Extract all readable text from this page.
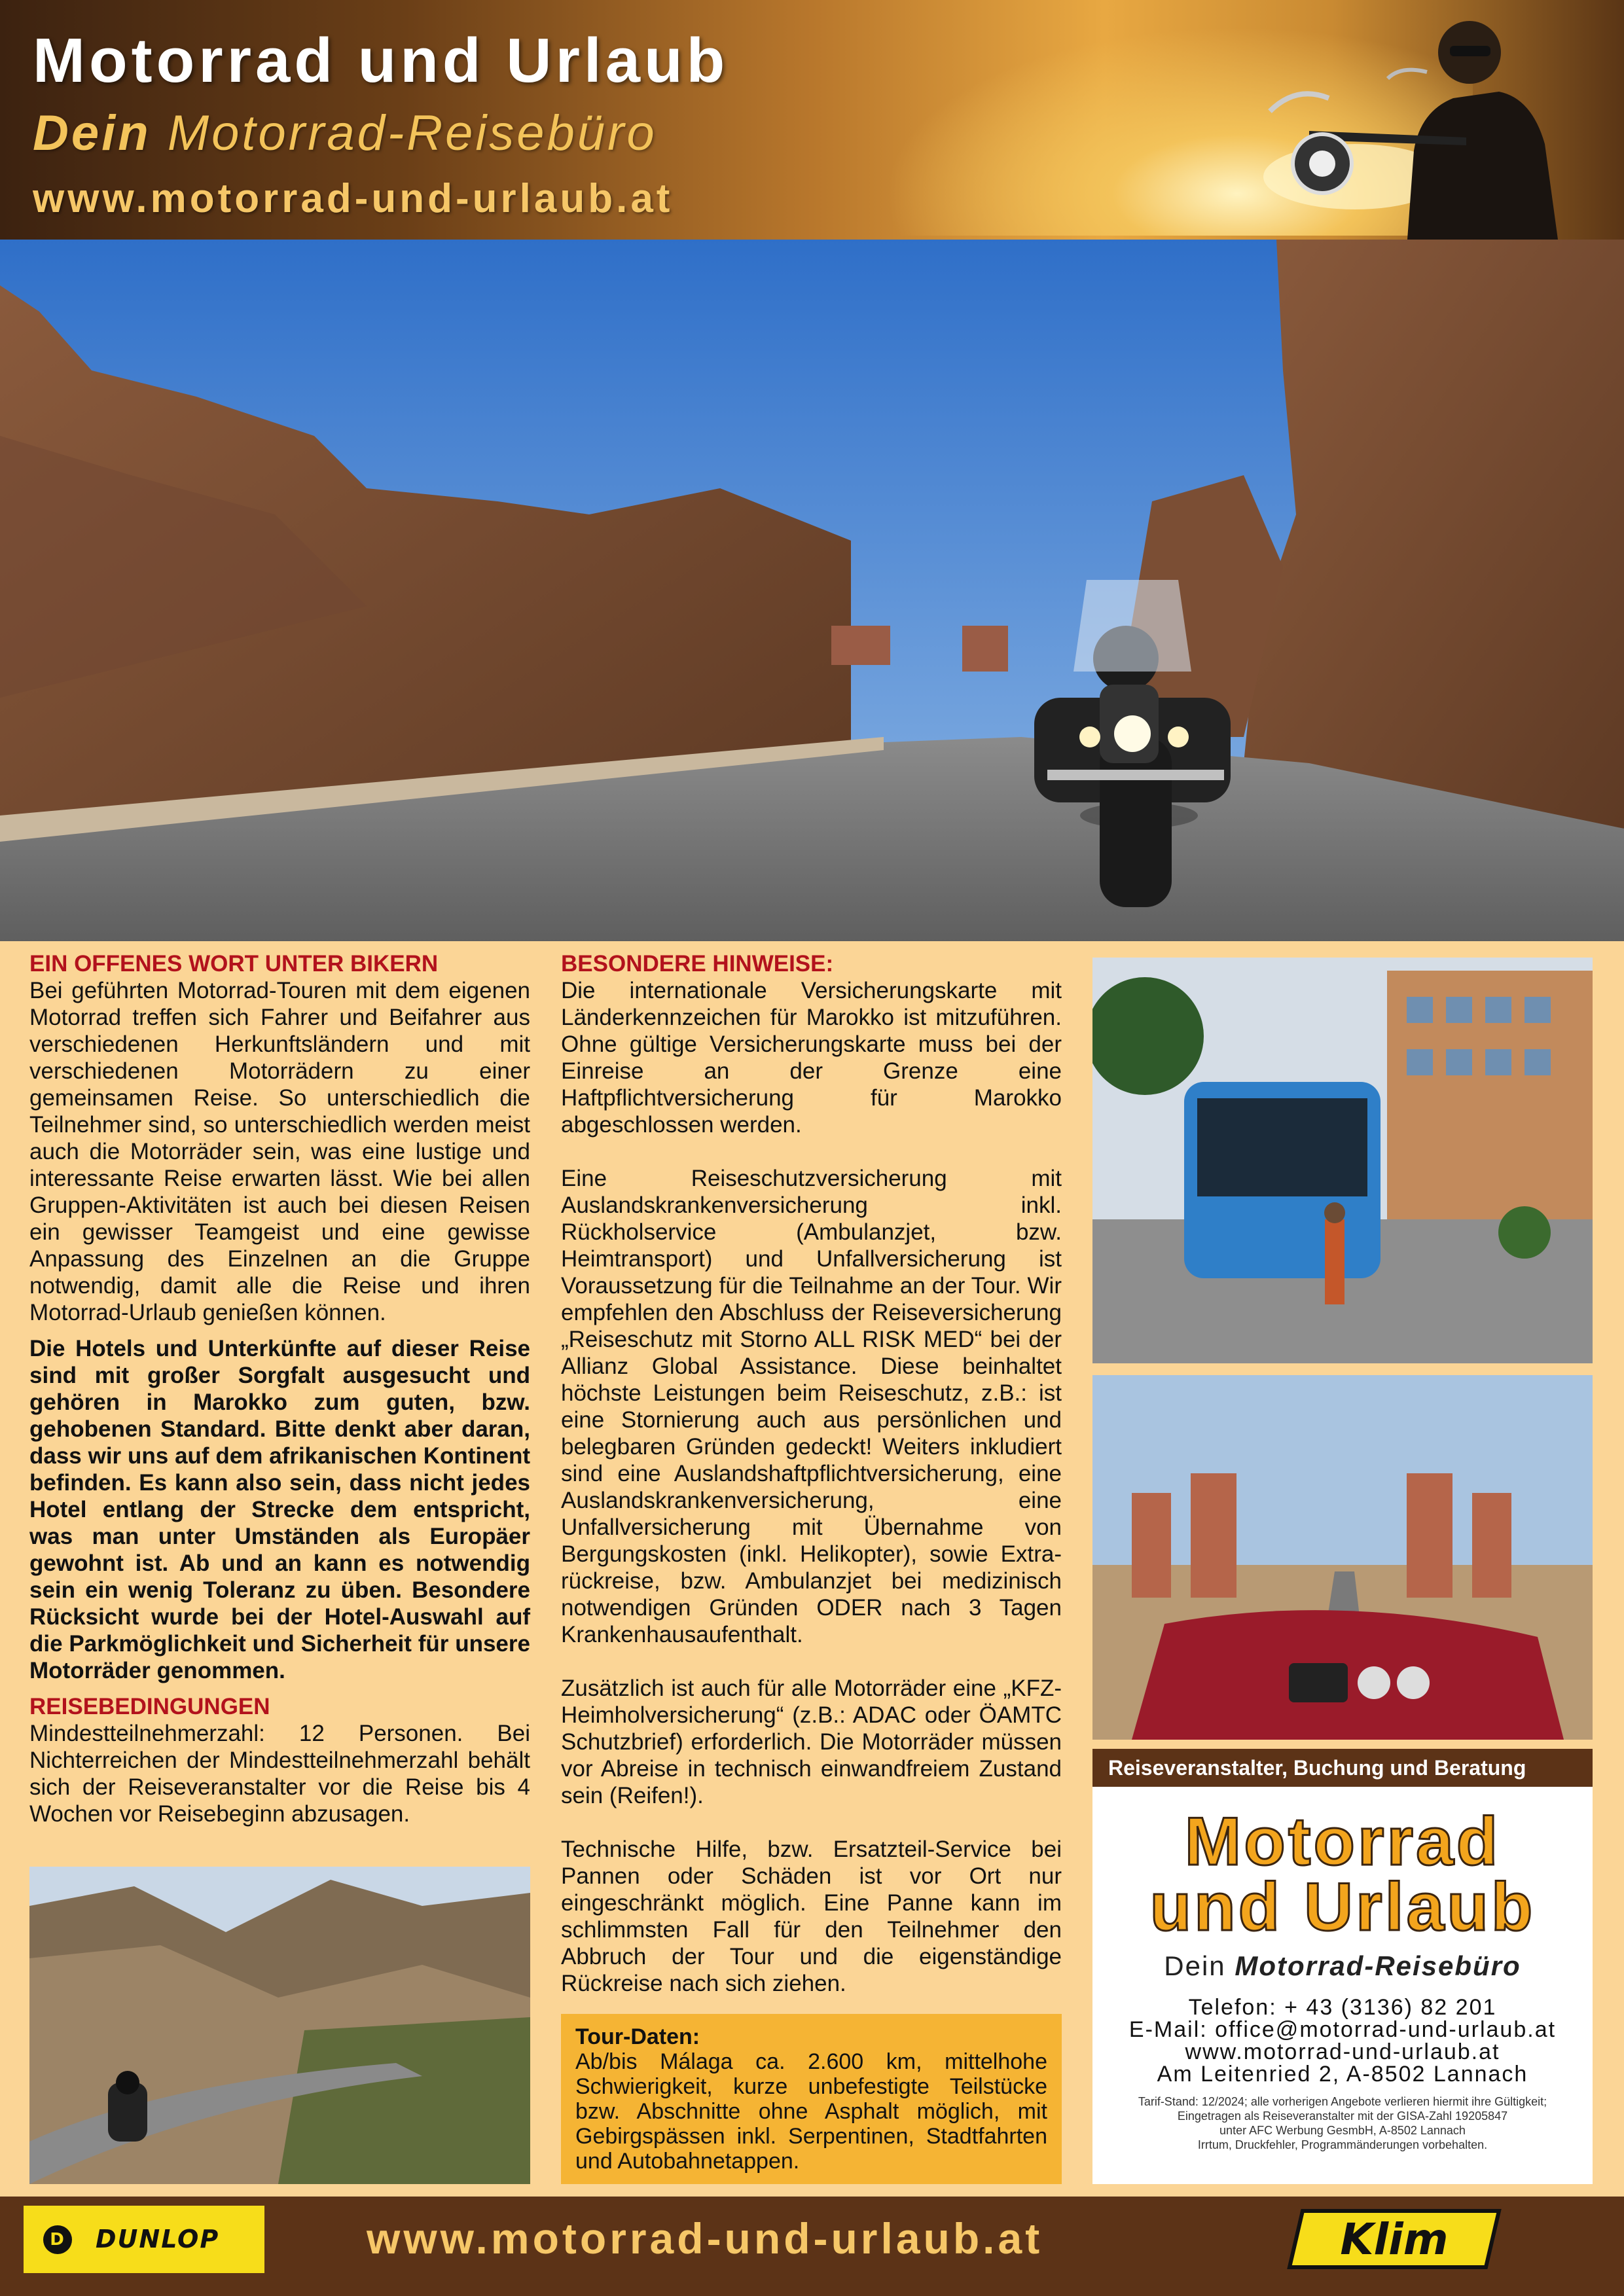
Motorrad und Urlaub
Dein Motorrad-Reisebüro
www.motorrad-und-urlaub.at
EIN OFFENES WORT UNTER BIKERN

Bei geführten Motorrad-Touren mit dem eigenen Motorrad treffen sich Fahrer und Beifahrer aus verschiedenen Herkunftsländern und mit verschiedenen Motorrädern zu einer gemeinsamen Reise. So unterschiedlich die Teilnehmer sind, so unterschiedlich werden meist auch die Motorräder sein, was eine lustige und interessante Reise erwarten lässt. Wie bei allen Gruppen-Aktivitäten ist auch bei diesen Reisen ein gewisser Teamgeist und eine gewisse Anpassung des Einzelnen an die Gruppe notwendig, damit alle die Reise und ihren Motorrad-Urlaub genießen können.

Die Hotels und Unterkünfte auf dieser Reise sind mit großer Sorgfalt ausgesucht und gehören in Marokko zum guten, bzw. gehobenen Standard. Bitte denkt aber daran, dass wir uns auf dem afrikanischen Kontinent befinden. Es kann also sein, dass nicht jedes Hotel entlang der Strecke dem entspricht, was man unter Umständen als Europäer gewohnt ist. Ab und an kann es notwendig sein ein wenig Toleranz zu üben. Besondere Rücksicht wurde bei der Hotel-Auswahl auf die Parkmöglichkeit und Sicherheit für unsere Motorräder genommen.

REISEBEDINGUNGEN

Mindestteilnehmerzahl: 12 Personen. Bei Nichterreichen der Mindestteilnehmerzahl behält sich der Reiseveranstalter vor die Reise bis 4 Wochen vor Reisebeginn abzusagen.

BESONDERE HINWEISE:

Die internationale Versicherungskarte mit Länderkennzeichen für Marokko ist mitzuführen. Ohne gültige Versicherungskarte muss bei der Einreise an der Grenze eine Haftpflichtversicherung für Marokko abgeschlossen werden.

Eine Reiseschutzversicherung mit Auslandskrankenversicherung inkl. Rückholservice (Ambulanzjet, bzw. Heimtransport) und Unfallversicherung ist Voraussetzung für die Teilnahme an der Tour. Wir empfehlen den Abschluss der Reiseversicherung „Reiseschutz mit Storno ALL RISK MED“ bei der Allianz Global Assistance. Diese beinhaltet höchste Leistungen beim Reiseschutz, z.B.: ist eine Stornierung auch aus persönlichen und belegbaren Gründen gedeckt! Weiters inkludiert sind eine Auslandshaftpflichtversicherung, eine Auslandskrankenversicherung, eine Unfallversicherung mit Übernahme von Bergungskosten (inkl. Helikopter), sowie Extra-rückreise, bzw. Ambulanzjet bei medizinisch notwendigen Gründen ODER nach 3 Tagen Krankenhausaufenthalt.

Zusätzlich ist auch für alle Motorräder eine „KFZ-Heimholversicherung“ (z.B.: ADAC oder ÖAMTC Schutzbrief) erforderlich. Die Motorräder müssen vor Abreise in technisch einwandfreiem Zustand sein (Reifen!).

Technische Hilfe, bzw. Ersatzteil-Service bei Pannen oder Schäden ist vor Ort nur eingeschränkt möglich. Eine Panne kann im schlimmsten Fall für den Teilnehmer den Abbruch der Tour und die eigenständige Rückreise nach sich ziehen.

Tour-Daten:
Ab/bis Málaga ca. 2.600 km, mittelhohe Schwierigkeit, kurze unbefestigte Teilstücke bzw. Abschnitte ohne Asphalt möglich, mit Gebirgspässen inkl. Serpentinen, Stadtfahrten und Autobahnetappen.
Reiseveranstalter, Buchung und Beratung
Motorrad
und Urlaub
Dein Motorrad-Reisebüro
Telefon: + 43 (3136) 82 201
E-Mail: office@motorrad-und-urlaub.at
www.motorrad-und-urlaub.at
Am Leitenried 2, A-8502 Lannach
Tarif-Stand: 12/2024; alle vorherigen Angebote verlieren hiermit ihre Gültigkeit;
Eingetragen als Reiseveranstalter mit der GISA-Zahl 19205847
unter AFC Werbung GesmbH, A-8502 Lannach
Irrtum, Druckfehler, Programmänderungen vorbehalten.
D DUNLOP	www.motorrad-und-urlaub.at	Klim
